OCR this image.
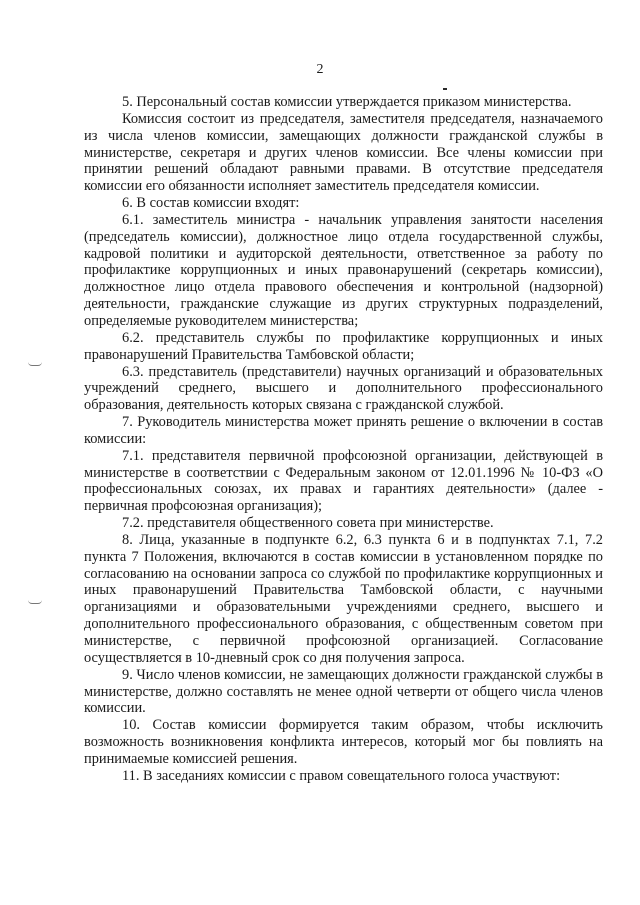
2

5. Персональный состав комиссии утверждается приказом министерства.

Комиссия состоит из председателя, заместителя председателя, назначаемого из числа членов комиссии, замещающих должности гражданской службы в министерстве, секретаря и других членов комиссии. Все члены комиссии при принятии решений обладают равными правами. В отсутствие председателя комиссии его обязанности исполняет заместитель председателя комиссии.

6. В состав комиссии входят:

6.1. заместитель министра - начальник управления занятости населения (председатель комиссии), должностное лицо отдела государственной службы, кадровой политики и аудиторской деятельности, ответственное за работу по профилактике коррупционных и иных правонарушений (секретарь комиссии), должностное лицо отдела правового обеспечения и контрольной (надзорной) деятельности, гражданские служащие из других структурных подразделений, определяемые руководителем министерства;

6.2. представитель службы по профилактике коррупционных и иных правонарушений Правительства Тамбовской области;

6.3. представитель (представители) научных организаций и образовательных учреждений среднего, высшего и дополнительного профессионального образования, деятельность которых связана с гражданской службой.

7. Руководитель министерства может принять решение о включении в состав комиссии:

7.1. представителя первичной профсоюзной организации, действующей в министерстве в соответствии с Федеральным законом от 12.01.1996 № 10-ФЗ «О профессиональных союзах, их правах и гарантиях деятельности» (далее - первичная профсоюзная организация);

7.2. представителя общественного совета при министерстве.

8. Лица, указанные в подпункте 6.2, 6.3 пункта 6 и в подпунктах 7.1, 7.2 пункта 7 Положения, включаются в состав комиссии в установленном порядке по согласованию на основании запроса со службой по профилактике коррупционных и иных правонарушений Правительства Тамбовской области, с научными организациями и образовательными учреждениями среднего, высшего и дополнительного профессионального образования, с общественным советом при министерстве, с первичной профсоюзной организацией. Согласование осуществляется в 10-дневный срок со дня получения запроса.

9. Число членов комиссии, не замещающих должности гражданской службы в министерстве, должно составлять не менее одной четверти от общего числа членов комиссии.

10. Состав комиссии формируется таким образом, чтобы исключить возможность возникновения конфликта интересов, который мог бы повлиять на принимаемые комиссией решения.

11. В заседаниях комиссии с правом совещательного голоса участвуют:
